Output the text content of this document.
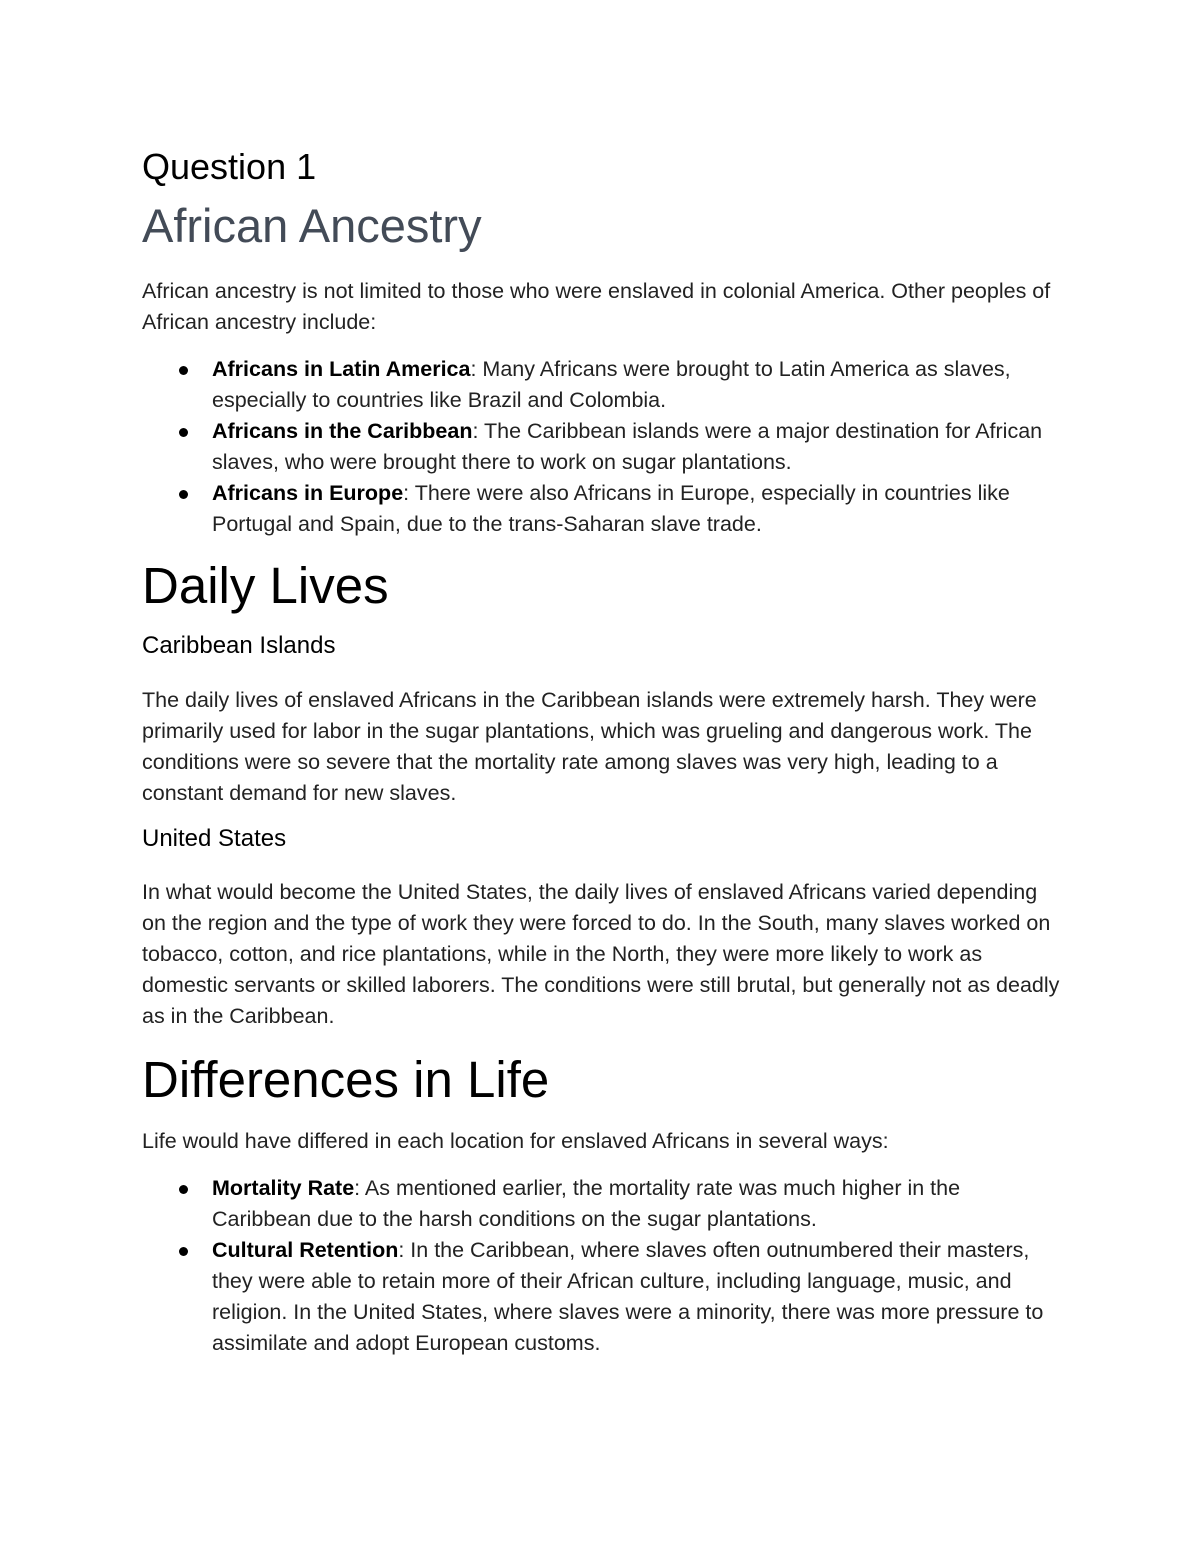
Question 1
African Ancestry

African ancestry is not limited to those who were enslaved in colonial America. Other peoples of African ancestry include:

Africans in Latin America: Many Africans were brought to Latin America as slaves, especially to countries like Brazil and Colombia.
Africans in the Caribbean: The Caribbean islands were a major destination for African slaves, who were brought there to work on sugar plantations.
Africans in Europe: There were also Africans in Europe, especially in countries like Portugal and Spain, due to the trans-Saharan slave trade.
Daily Lives
Caribbean Islands

The daily lives of enslaved Africans in the Caribbean islands were extremely harsh. They were primarily used for labor in the sugar plantations, which was grueling and dangerous work. The conditions were so severe that the mortality rate among slaves was very high, leading to a constant demand for new slaves.

United States

In what would become the United States, the daily lives of enslaved Africans varied depending on the region and the type of work they were forced to do. In the South, many slaves worked on tobacco, cotton, and rice plantations, while in the North, they were more likely to work as domestic servants or skilled laborers. The conditions were still brutal, but generally not as deadly as in the Caribbean.

Differences in Life

Life would have differed in each location for enslaved Africans in several ways:

Mortality Rate: As mentioned earlier, the mortality rate was much higher in the Caribbean due to the harsh conditions on the sugar plantations.
Cultural Retention: In the Caribbean, where slaves often outnumbered their masters, they were able to retain more of their African culture, including language, music, and religion. In the United States, where slaves were a minority, there was more pressure to assimilate and adopt European customs.
